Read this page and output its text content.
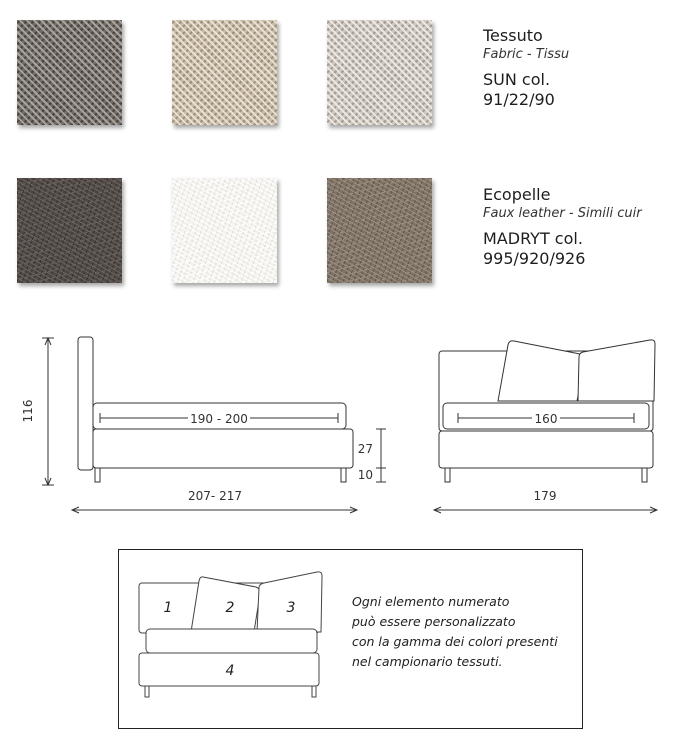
Tessuto
Fabric - Tissu
SUN col.
91/22/90
Ecopelle
Faux leather - Simili cuir
MADRYT col.
995/920/926
116	190 - 200
27
10
207- 217
160
179
1	2	3
4
Ogni elemento numerato
può essere personalizzato
con la gamma dei colori presenti
nel campionario tessuti.
